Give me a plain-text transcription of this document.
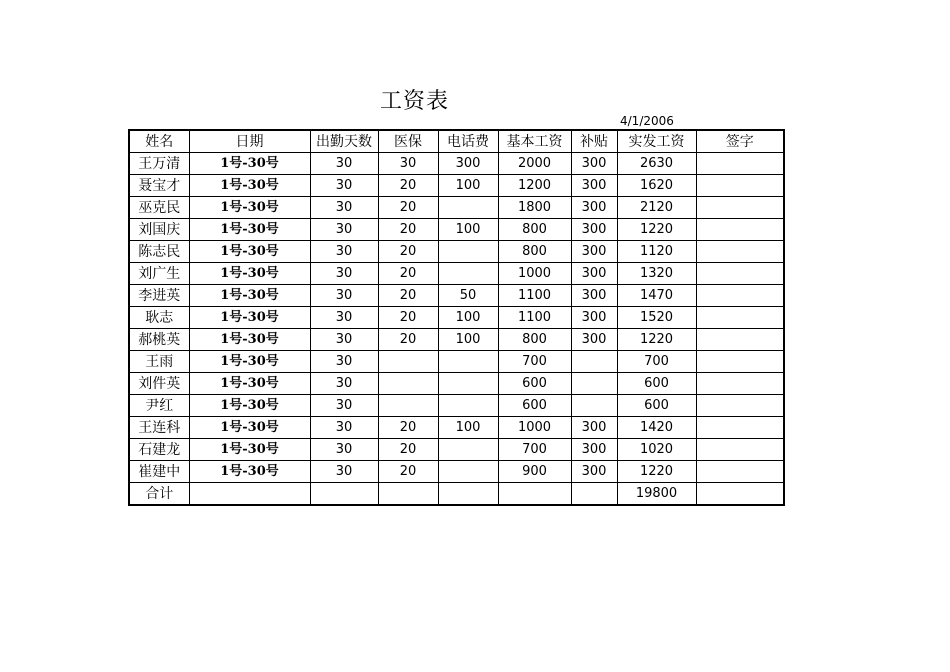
工资表
4/1/2006
姓名	日期	出勤天数	医保	电话费	基本工资	补贴	实发工资	签字
王万清	1号-30号	30	30	300	2000	300	2630	
聂宝才	1号-30号	30	20	100	1200	300	1620	
巫克民	1号-30号	30	20		1800	300	2120	
刘国庆	1号-30号	30	20	100	800	300	1220	
陈志民	1号-30号	30	20		800	300	1120	
刘广生	1号-30号	30	20		1000	300	1320	
李进英	1号-30号	30	20	50	1100	300	1470	
耿志	1号-30号	30	20	100	1100	300	1520	
郝桃英	1号-30号	30	20	100	800	300	1220	
王雨	1号-30号	30			700		700	
刘件英	1号-30号	30			600		600	
尹红	1号-30号	30			600		600	
王连科	1号-30号	30	20	100	1000	300	1420	
石建龙	1号-30号	30	20		700	300	1020	
崔建中	1号-30号	30	20		900	300	1220	
合计							19800	
